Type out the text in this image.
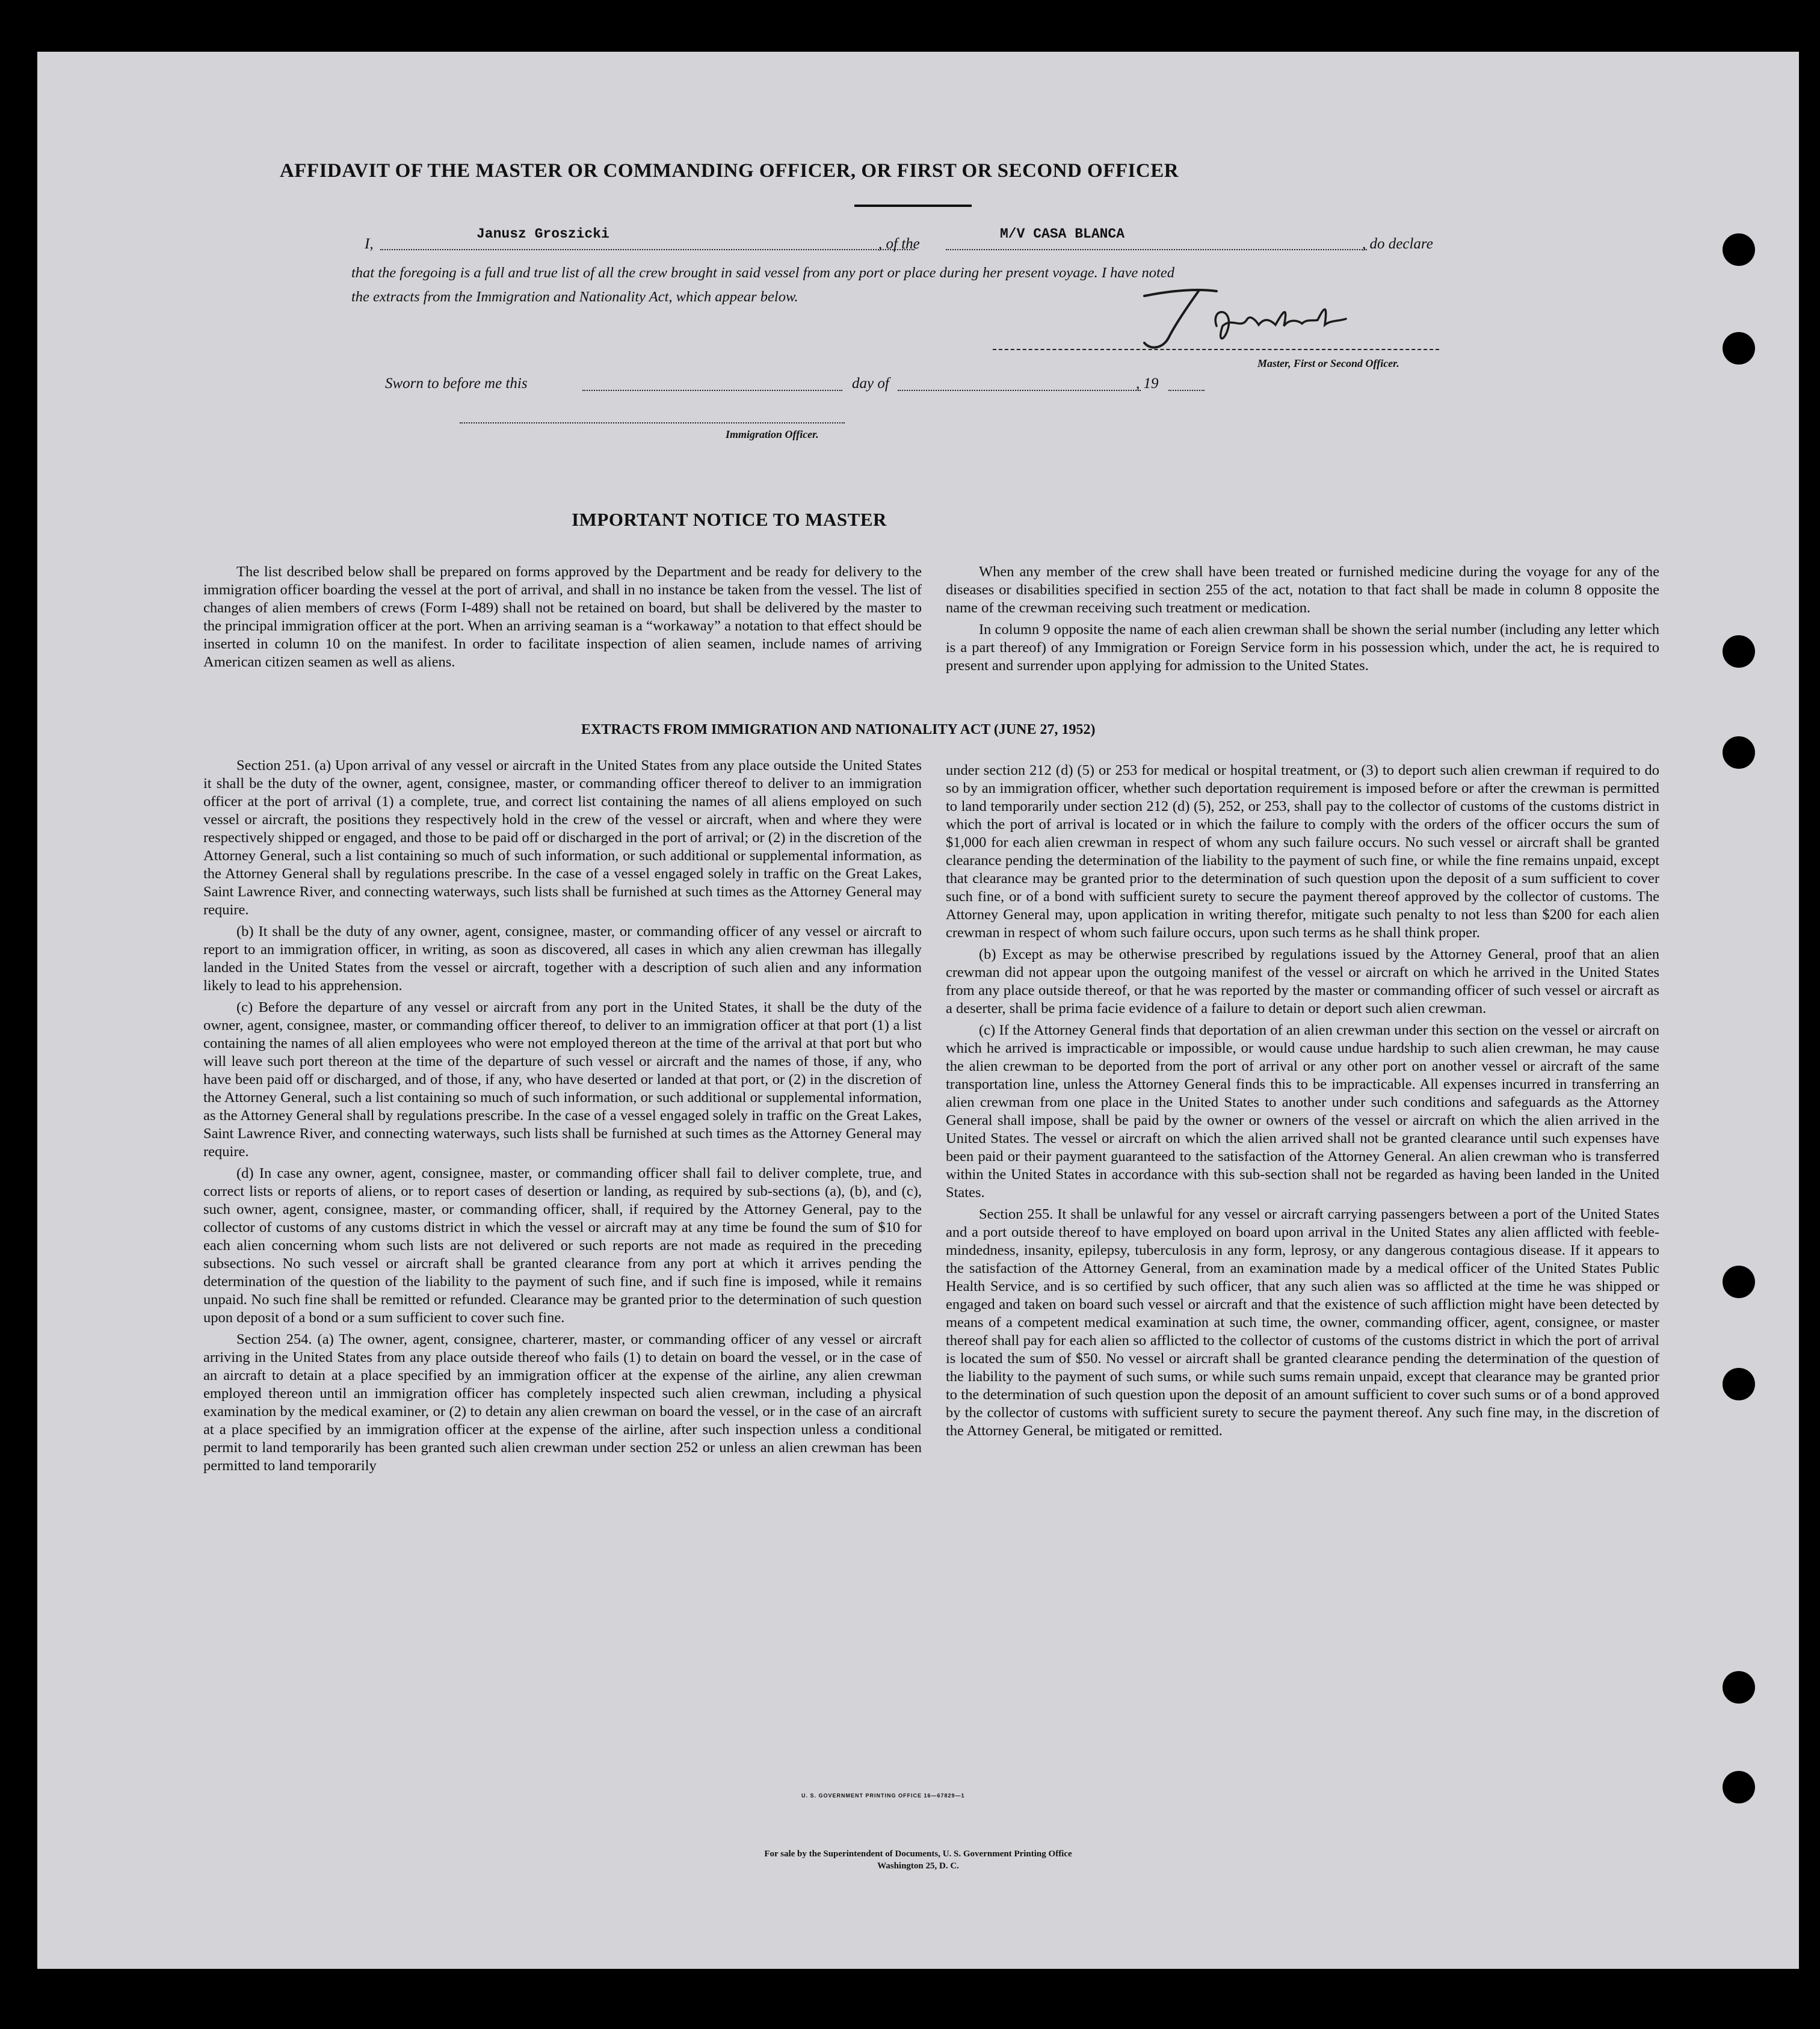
AFFIDAVIT OF THE MASTER OR COMMANDING OFFICER, OR FIRST OR SECOND OFFICER
I,
Janusz Groszicki
, of the
M/V CASA BLANCA
, do declare
that the foregoing is a full and true list of all the crew brought in said vessel from any port or place during her present voyage. I have noted
the extracts from the Immigration and Nationality Act, which appear below.
Master, First or Second Officer.
Sworn to before me this	day of	, 19
Immigration Officer.
IMPORTANT NOTICE TO MASTER

The list described below shall be prepared on forms approved by the Department and be ready for delivery to the immigration officer boarding the vessel at the port of arrival, and shall in no instance be taken from the vessel. The list of changes of alien members of crews (Form I-489) shall not be retained on board, but shall be delivered by the master to the principal immigration officer at the port. When an arriving seaman is a “workaway” a notation to that effect should be inserted in column 10 on the manifest. In order to facilitate inspection of alien seamen, include names of arriving American citizen seamen as well as aliens.

When any member of the crew shall have been treated or furnished medicine during the voyage for any of the diseases or disabilities specified in section 255 of the act, notation to that fact shall be made in column 8 opposite the name of the crewman receiving such treatment or medication.

In column 9 opposite the name of each alien crewman shall be shown the serial number (including any letter which is a part thereof) of any Immigration or Foreign Service form in his possession which, under the act, he is required to present and surrender upon applying for admission to the United States.

EXTRACTS FROM IMMIGRATION AND NATIONALITY ACT (JUNE 27, 1952)

Section 251. (a) Upon arrival of any vessel or aircraft in the United States from any place outside the United States it shall be the duty of the owner, agent, consignee, master, or commanding officer thereof to deliver to an immigration officer at the port of arrival (1) a complete, true, and correct list containing the names of all aliens employed on such vessel or aircraft, the positions they respectively hold in the crew of the vessel or aircraft, when and where they were respectively shipped or engaged, and those to be paid off or discharged in the port of arrival; or (2) in the discretion of the Attorney General, such a list containing so much of such information, or such additional or supplemental information, as the Attorney General shall by regulations prescribe. In the case of a vessel engaged solely in traffic on the Great Lakes, Saint Lawrence River, and connecting waterways, such lists shall be furnished at such times as the Attorney General may require.

(b) It shall be the duty of any owner, agent, consignee, master, or commanding officer of any vessel or aircraft to report to an immigration officer, in writing, as soon as discovered, all cases in which any alien crewman has illegally landed in the United States from the vessel or aircraft, together with a description of such alien and any information likely to lead to his apprehension.

(c) Before the departure of any vessel or aircraft from any port in the United States, it shall be the duty of the owner, agent, consignee, master, or commanding officer thereof, to deliver to an immigration officer at that port (1) a list containing the names of all alien employees who were not employed thereon at the time of the arrival at that port but who will leave such port thereon at the time of the departure of such vessel or aircraft and the names of those, if any, who have been paid off or discharged, and of those, if any, who have deserted or landed at that port, or (2) in the discretion of the Attorney General, such a list containing so much of such information, or such additional or supplemental information, as the Attorney General shall by regulations prescribe. In the case of a vessel engaged solely in traffic on the Great Lakes, Saint Lawrence River, and connecting waterways, such lists shall be furnished at such times as the Attorney General may require.

(d) In case any owner, agent, consignee, master, or commanding officer shall fail to deliver complete, true, and correct lists or reports of aliens, or to report cases of desertion or landing, as required by sub-sections (a), (b), and (c), such owner, agent, consignee, master, or commanding officer, shall, if required by the Attorney General, pay to the collector of customs of any customs district in which the vessel or aircraft may at any time be found the sum of $10 for each alien concerning whom such lists are not delivered or such reports are not made as required in the preceding subsections. No such vessel or aircraft shall be granted clearance from any port at which it arrives pending the determination of the question of the liability to the payment of such fine, and if such fine is imposed, while it remains unpaid. No such fine shall be remitted or refunded. Clearance may be granted prior to the determination of such question upon deposit of a bond or a sum sufficient to cover such fine.

Section 254. (a) The owner, agent, consignee, charterer, master, or commanding officer of any vessel or aircraft arriving in the United States from any place outside thereof who fails (1) to detain on board the vessel, or in the case of an aircraft to detain at a place specified by an immigration officer at the expense of the airline, any alien crewman employed thereon until an immigration officer has completely inspected such alien crewman, including a physical examination by the medical examiner, or (2) to detain any alien crewman on board the vessel, or in the case of an aircraft at a place specified by an immigration officer at the expense of the airline, after such inspection unless a conditional permit to land temporarily has been granted such alien crewman under section 252 or unless an alien crewman has been permitted to land temporarily

under section 212 (d) (5) or 253 for medical or hospital treatment, or (3) to deport such alien crewman if required to do so by an immigration officer, whether such deportation requirement is imposed before or after the crewman is permitted to land temporarily under section 212 (d) (5), 252, or 253, shall pay to the collector of customs of the customs district in which the port of arrival is located or in which the failure to comply with the orders of the officer occurs the sum of $1,000 for each alien crewman in respect of whom any such failure occurs. No such vessel or aircraft shall be granted clearance pending the determination of the liability to the payment of such fine, or while the fine remains unpaid, except that clearance may be granted prior to the determination of such question upon the deposit of a sum sufficient to cover such fine, or of a bond with sufficient surety to secure the payment thereof approved by the collector of customs. The Attorney General may, upon application in writing therefor, mitigate such penalty to not less than $200 for each alien crewman in respect of whom such failure occurs, upon such terms as he shall think proper.

(b) Except as may be otherwise prescribed by regulations issued by the Attorney General, proof that an alien crewman did not appear upon the outgoing manifest of the vessel or aircraft on which he arrived in the United States from any place outside thereof, or that he was reported by the master or commanding officer of such vessel or aircraft as a deserter, shall be prima facie evidence of a failure to detain or deport such alien crewman.

(c) If the Attorney General finds that deportation of an alien crewman under this section on the vessel or aircraft on which he arrived is impracticable or impossible, or would cause undue hardship to such alien crewman, he may cause the alien crewman to be deported from the port of arrival or any other port on another vessel or aircraft of the same transportation line, unless the Attorney General finds this to be impracticable. All expenses incurred in transferring an alien crewman from one place in the United States to another under such conditions and safeguards as the Attorney General shall impose, shall be paid by the owner or owners of the vessel or aircraft on which the alien arrived in the United States. The vessel or aircraft on which the alien arrived shall not be granted clearance until such expenses have been paid or their payment guaranteed to the satisfaction of the Attorney General. An alien crewman who is transferred within the United States in accordance with this sub-section shall not be regarded as having been landed in the United States.

Section 255. It shall be unlawful for any vessel or aircraft carrying passengers between a port of the United States and a port outside thereof to have employed on board upon arrival in the United States any alien afflicted with feeble-mindedness, insanity, epilepsy, tuberculosis in any form, leprosy, or any dangerous contagious disease. If it appears to the satisfaction of the Attorney General, from an examination made by a medical officer of the United States Public Health Service, and is so certified by such officer, that any such alien was so afflicted at the time he was shipped or engaged and taken on board such vessel or aircraft and that the existence of such affliction might have been detected by means of a competent medical examination at such time, the owner, commanding officer, agent, consignee, or master thereof shall pay for each alien so afflicted to the collector of customs of the customs district in which the port of arrival is located the sum of $50. No vessel or aircraft shall be granted clearance pending the determination of the question of the liability to the payment of such sums, or while such sums remain unpaid, except that clearance may be granted prior to the determination of such question upon the deposit of an amount sufficient to cover such sums or of a bond approved by the collector of customs with sufficient surety to secure the payment thereof. Any such fine may, in the discretion of the Attorney General, be mitigated or remitted.

U. S. GOVERNMENT PRINTING OFFICE 16—67829—1
For sale by the Superintendent of Documents, U. S. Government Printing Office
Washington 25, D. C.
